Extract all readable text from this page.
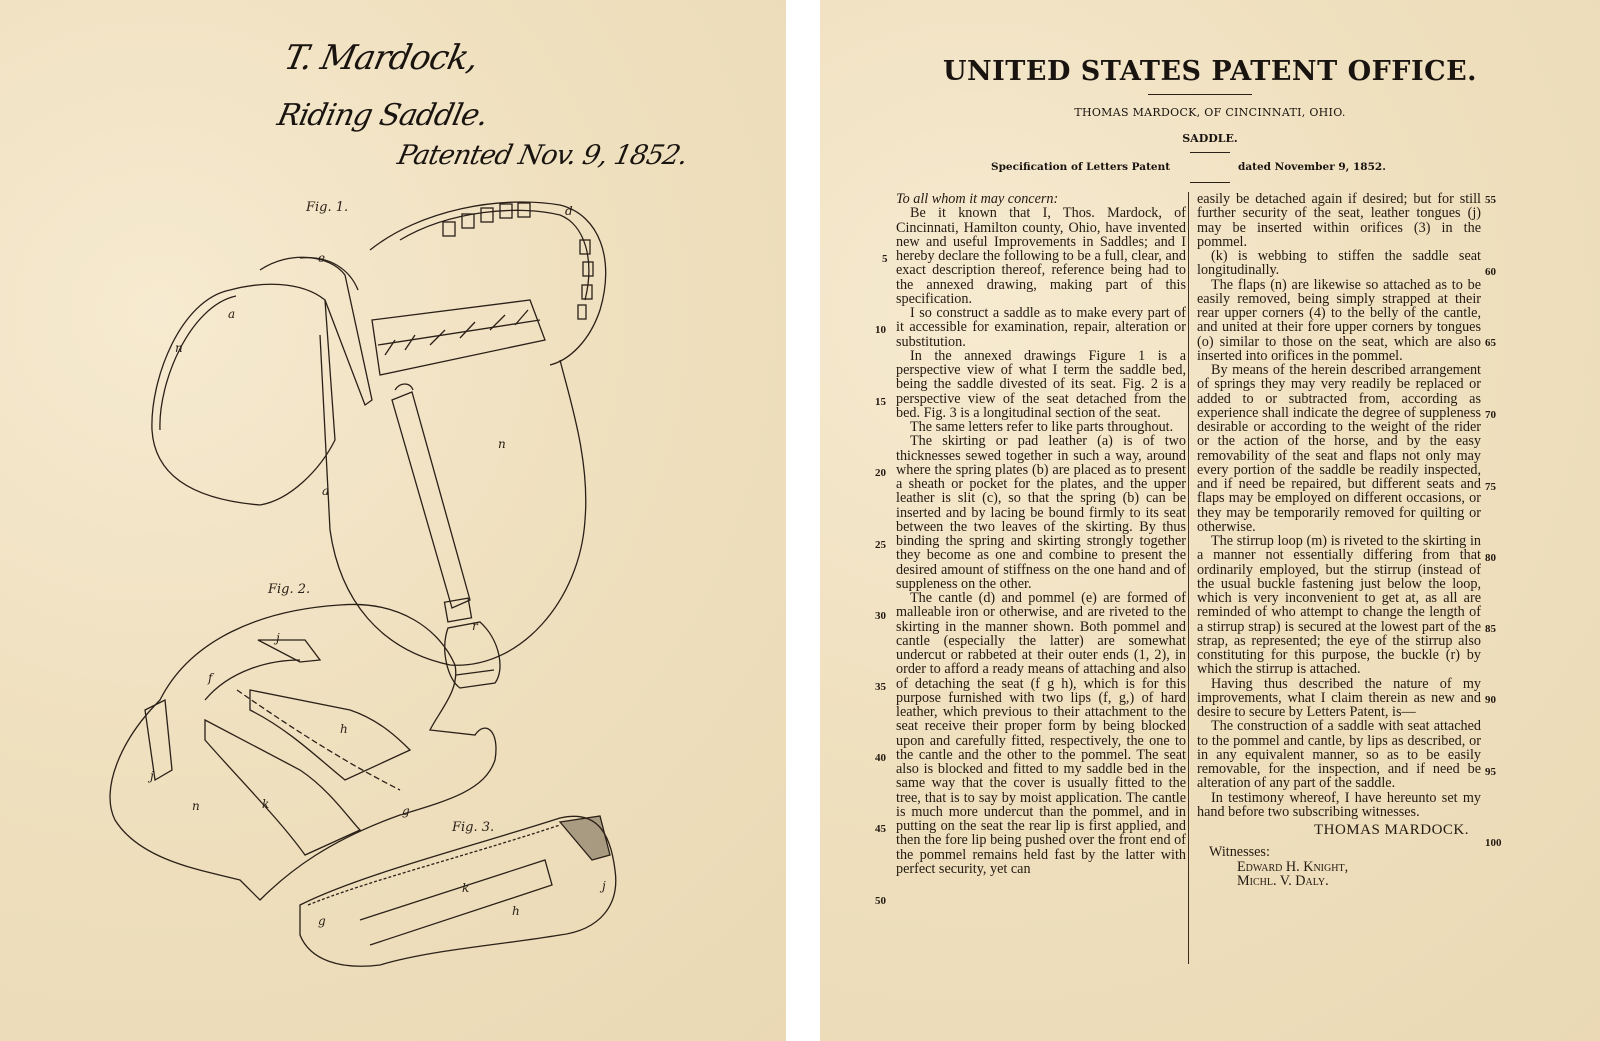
T. Mardock,
Riding Saddle.
Patented Nov. 9, 1852.
Fig. 1.
Fig. 2.
Fig. 3.
a
n
n
a
e
d
f
j
j
h
k
n	g
k
h
g
r
j
UNITED STATES PATENT OFFICE.
THOMAS MARDOCK, OF CINCINNATI, OHIO.
SADDLE.
Specification of Letters Patent	dated November 9, 1852.

To all whom it may concern:

Be it known that I, Thos. Mardock, of Cincinnati, Hamilton county, Ohio, have invented new and useful Improvements in Saddles; and I hereby declare the following to be a full, clear, and exact description thereof, reference being had to the annexed drawing, making part of this specification.

I so construct a saddle as to make every part of it accessible for examination, repair, alteration or substitution.

In the annexed drawings Figure 1 is a perspective view of what I term the saddle bed, being the saddle divested of its seat. Fig. 2 is a perspective view of the seat detached from the bed. Fig. 3 is a longitudinal section of the seat.

The same letters refer to like parts throughout.

The skirting or pad leather (a) is of two thicknesses sewed together in such a way, around where the spring plates (b) are placed as to present a sheath or pocket for the plates, and the upper leather is slit (c), so that the spring (b) can be inserted and by lacing be bound firmly to its seat between the two leaves of the skirting. By thus binding the spring and skirting strongly together they become as one and combine to present the desired amount of stiffness on the one hand and of suppleness on the other.

The cantle (d) and pommel (e) are formed of malleable iron or otherwise, and are riveted to the skirting in the manner shown. Both pommel and cantle (especially the latter) are somewhat undercut or rabbeted at their outer ends (1, 2), in order to afford a ready means of attaching and also of detaching the seat (f g h), which is for this purpose furnished with two lips (f, g,) of hard leather, which previous to their attachment to the seat receive their proper form by being blocked upon and carefully fitted, respectively, the one to the cantle and the other to the pommel. The seat also is blocked and fitted to my saddle bed in the same way that the cover is usually fitted to the tree, that is to say by moist application. The cantle is much more undercut than the pommel, and in putting on the seat the rear lip is first applied, and then the fore lip being pushed over the front end of the pommel remains held fast by the latter with perfect security, yet can

easily be detached again if desired; but for still further security of the seat, leather tongues (j) may be inserted within orifices (3) in the pommel.

(k) is webbing to stiffen the saddle seat longitudinally.

The flaps (n) are likewise so attached as to be easily removed, being simply strapped at their rear upper corners (4) to the belly of the cantle, and united at their fore upper corners by tongues (o) similar to those on the seat, which are also inserted into orifices in the pommel.

By means of the herein described arrangement of springs they may very readily be replaced or added to or subtracted from, according as experience shall indicate the degree of suppleness desirable or according to the weight of the rider or the action of the horse, and by the easy removability of the seat and flaps not only may every portion of the saddle be readily inspected, and if need be repaired, but different seats and flaps may be employed on different occasions, or they may be temporarily removed for quilting or otherwise.

The stirrup loop (m) is riveted to the skirting in a manner not essentially differing from that ordinarily employed, but the stirrup (instead of the usual buckle fastening just below the loop, which is very inconvenient to get at, as all are reminded of who attempt to change the length of a stirrup strap) is secured at the lowest part of the strap, as represented; the eye of the stirrup also constituting for this purpose, the buckle (r) by which the stirrup is attached.

Having thus described the nature of my improvements, what I claim therein as new and desire to secure by Letters Patent, is—

The construction of a saddle with seat attached to the pommel and cantle, by lips as described, or in any equivalent manner, so as to be easily removable, for the inspection, and if need be alteration of any part of the saddle.

In testimony whereof, I have hereunto set my hand before two subscribing witnesses.

THOMAS MARDOCK.

Witnesses:

Edward H. Knight,

Michl. V. Daly.

5
10
15
20
25
30
35
40
45
50
55
60
65
70
75
80
85
90
95
100
